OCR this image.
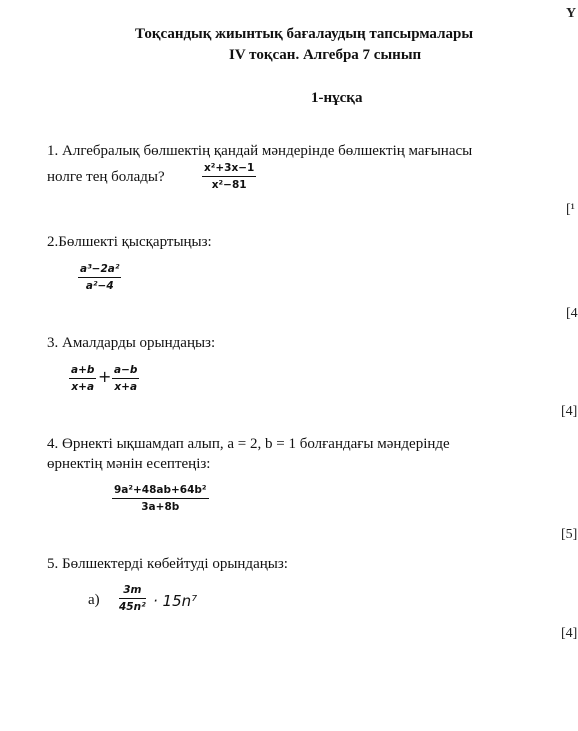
Тоқсандық жиынтық бағалаудың тапсырмалары
IV тоқсан. Алгебра 7 сынып
1-нұсқа
1. Алгебралық бөлшектің қандай мәндерінде бөлшектің мағынасы
нолге тең болады?	$\frac{\text{x²+3x−1}}{\text{x²−81}}$
2.Бөлшекті қысқартыңыз:
$\frac{\text{a³−2a²}}{\text{a²−4}}$
3. Амалдарды орындаңыз:
$\frac{a+b}{x+a} + \frac{a-b}{x+a}$
4. Өрнекті ықшамдап алып, a = 2, b = 1 болғандағы мәндерінде
өрнектің мәнін есептеңіз:
$\frac{\text{9a²+48ab+64b²}}{3a+8b}$
5. Бөлшектерді көбейтуді орындаңыз:
$а) \frac{3m}{\text{45n²}} \cdot 15n^7$
Ү
[¹
[4
[4]
[5]
[4]
